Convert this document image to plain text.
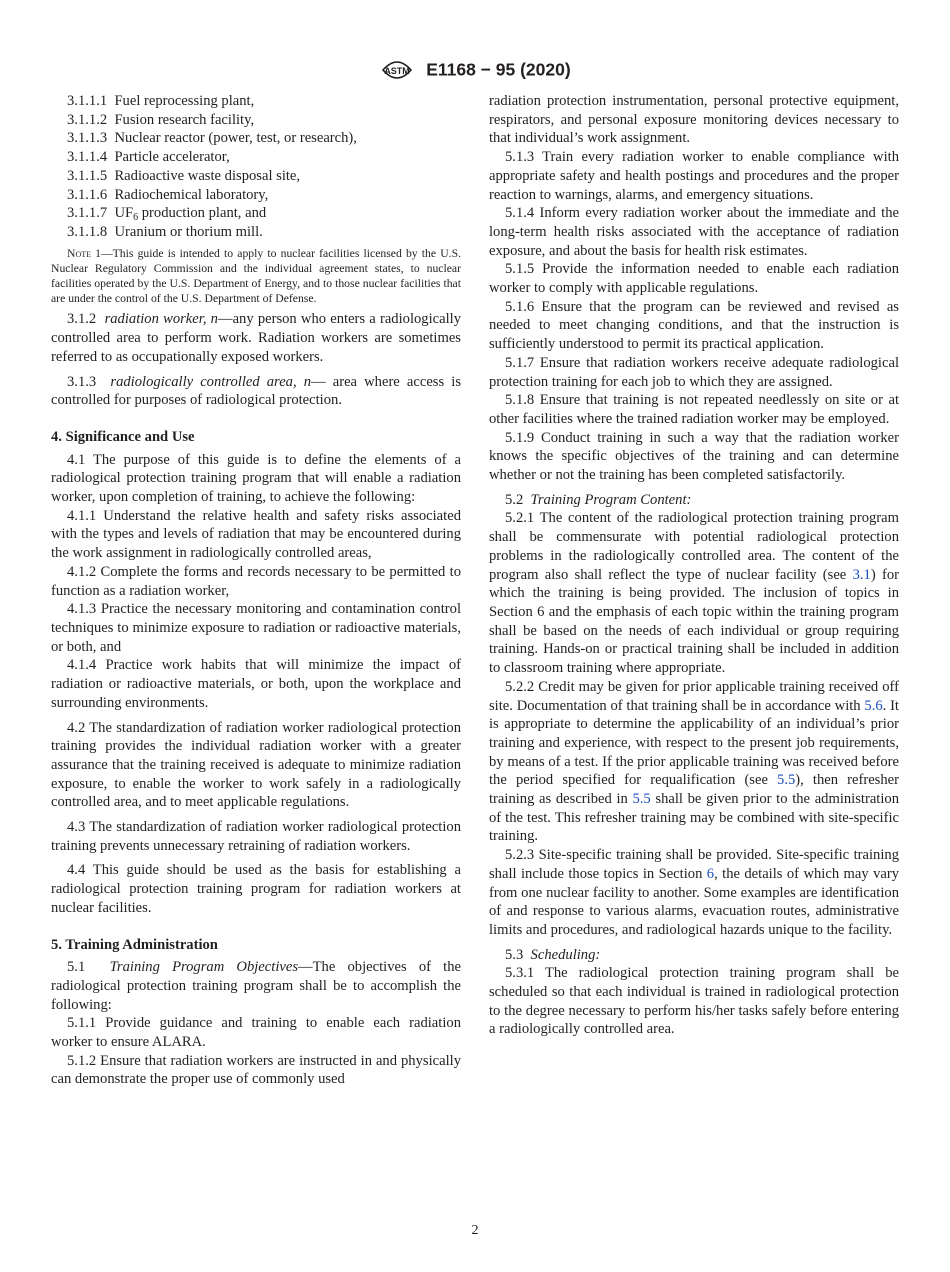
ASTM E1168 − 95 (2020)

3.1.1.1 Fuel reprocessing plant,

3.1.1.2 Fusion research facility,

3.1.1.3 Nuclear reactor (power, test, or research),

3.1.1.4 Particle accelerator,

3.1.1.5 Radioactive waste disposal site,

3.1.1.6 Radiochemical laboratory,

3.1.1.7 $UF_6$ production plant, and

3.1.1.8 Uranium or thorium mill.

Note 1—This guide is intended to apply to nuclear facilities licensed by the U.S. Nuclear Regulatory Commission and the individual agreement states, to nuclear facilities operated by the U.S. Department of Energy, and to those nuclear facilities that are under the control of the U.S. Department of Defense.

3.1.2 radiation worker, n—any person who enters a radiologically controlled area to perform work. Radiation workers are sometimes referred to as occupationally exposed workers.

3.1.3 radiologically controlled area, n— area where access is controlled for purposes of radiological protection.

4. Significance and Use

4.1 The purpose of this guide is to define the elements of a radiological protection training program that will enable a radiation worker, upon completion of training, to achieve the following:

4.1.1 Understand the relative health and safety risks associated with the types and levels of radiation that may be encountered during the work assignment in radiologically controlled areas,

4.1.2 Complete the forms and records necessary to be permitted to function as a radiation worker,

4.1.3 Practice the necessary monitoring and contamination control techniques to minimize exposure to radiation or radioactive materials, or both, and

4.1.4 Practice work habits that will minimize the impact of radiation or radioactive materials, or both, upon the workplace and surrounding environments.

4.2 The standardization of radiation worker radiological protection training provides the individual radiation worker with a greater assurance that the training received is adequate to minimize radiation exposure, to enable the worker to work safely in a radiologically controlled area, and to meet applicable regulations.

4.3 The standardization of radiation worker radiological protection training prevents unnecessary retraining of radiation workers.

4.4 This guide should be used as the basis for establishing a radiological protection training program for radiation workers at nuclear facilities.

5. Training Administration

5.1 Training Program Objectives—The objectives of the radiological protection training program shall be to accomplish the following:

5.1.1 Provide guidance and training to enable each radiation worker to ensure ALARA.

5.1.2 Ensure that radiation workers are instructed in and physically can demonstrate the proper use of commonly used

radiation protection instrumentation, personal protective equipment, respirators, and personal exposure monitoring devices necessary to that individual’s work assignment.

5.1.3 Train every radiation worker to enable compliance with appropriate safety and health postings and procedures and the proper reaction to warnings, alarms, and emergency situations.

5.1.4 Inform every radiation worker about the immediate and the long-term health risks associated with the acceptance of radiation exposure, and about the basis for health risk estimates.

5.1.5 Provide the information needed to enable each radiation worker to comply with applicable regulations.

5.1.6 Ensure that the program can be reviewed and revised as needed to meet changing conditions, and that the instruction is sufficiently understood to permit its practical application.

5.1.7 Ensure that radiation workers receive adequate radiological protection training for each job to which they are assigned.

5.1.8 Ensure that training is not repeated needlessly on site or at other facilities where the trained radiation worker may be employed.

5.1.9 Conduct training in such a way that the radiation worker knows the specific objectives of the training and can determine whether or not the training has been completed satisfactorily.

5.2 Training Program Content:

5.2.1 The content of the radiological protection training program shall be commensurate with potential radiological protection problems in the radiologically controlled area. The content of the program also shall reflect the type of nuclear facility (see 3.1) for which the training is being provided. The inclusion of topics in Section 6 and the emphasis of each topic within the training program shall be based on the needs of each individual or group requiring training. Hands-on or practical training shall be included in addition to classroom training where appropriate.

5.2.2 Credit may be given for prior applicable training received off site. Documentation of that training shall be in accordance with 5.6. It is appropriate to determine the applicability of an individual’s prior training and experience, with respect to the present job requirements, by means of a test. If the prior applicable training was received before the period specified for requalification (see 5.5), then refresher training as described in 5.5 shall be given prior to the administration of the test. This refresher training may be combined with site-specific training.

5.2.3 Site-specific training shall be provided. Site-specific training shall include those topics in Section 6, the details of which may vary from one nuclear facility to another. Some examples are identification of and response to various alarms, evacuation routes, administrative limits and procedures, and radiological hazards unique to the facility.

5.3 Scheduling:

5.3.1 The radiological protection training program shall be scheduled so that each individual is trained in radiological protection to the degree necessary to perform his/her tasks safely before entering a radiologically controlled area.

2
